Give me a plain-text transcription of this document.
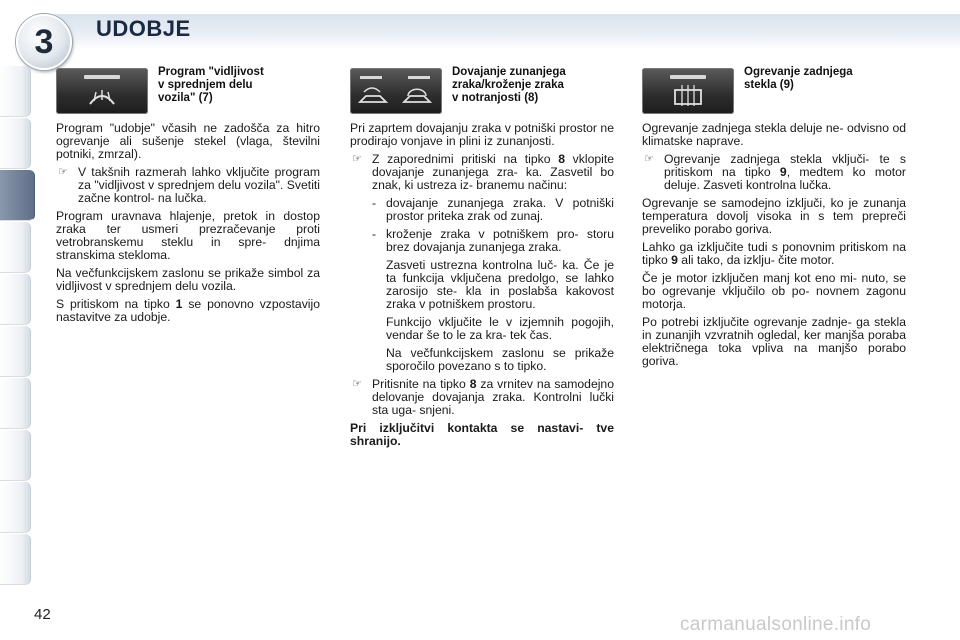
3	UDOBJE
Program "vidljivost
v sprednjem delu
vozila" (7)

Program "udobje" včasih ne zadošča za hitro ogrevanje ali sušenje stekel (vlaga, številni potniki, zmrzal).

☞ V takšnih razmerah lahko vključite program za "vidljivost v sprednjem delu vozila". Svetiti začne kontrol- na lučka.

Program uravnava hlajenje, pretok in dostop zraka ter usmeri prezračevanje proti vetrobranskemu steklu in spre- dnjima stranskima steklomа.

Na večfunkcijskem zaslonu se prikaže simbol za vidljivost v sprednjem delu vozila.

S pritiskom na tipko 1 se ponovno vzpostavijo nastavitve za udobje.

Dovajanje zunanjega
zraka/kroženje zraka
v notranjosti (8)

Pri zaprtem dovajanju zraka v potniški prostor ne prodirajo vonjave in plini iz zunanjosti.

☞ Z zaporednimi pritiski na tipko 8 vklopite dovajanje zunanjega zra- ka. Zasvetil bo znak, ki ustreza iz- branemu načinu:
- dovajanje zunanjega zraka. V potniški prostor priteka zrak od zunaj.
- kroženje zraka v potniškem pro- storu brez dovajanja zunanjega zraka.

Zasveti ustrezna kontrolna luč- ka. Če je ta funkcija vključena predolgo, se lahko zarosijo ste- kla in poslabša kakovost zraka v potniškem prostoru.

Funkcijo vključite le v izjemnih pogojih, vendar še to le za kra- tek čas.

Na večfunkcijskem zaslonu se prikaže sporočilo povezano s to tipko.

☞ Pritisnite na tipko 8 za vrnitev na samodejno delovanje dovajanja zraka. Kontrolni lučki sta uga- snjeni.

Pri izključitvi kontakta se nastavi- tve shranijo.

Ogrevanje zadnjega
stekla (9)

Ogrevanje zadnjega stekla deluje ne- odvisno od klimatske naprave.

☞ Ogrevanje zadnjega stekla vključi- te s pritiskom na tipko 9, medtem ko motor deluje. Zasveti kontrolna lučka.

Ogrevanje se samodejno izključi, ko je zunanja temperatura dovolj visoka in s tem prepreči preveliko porabo goriva.

Lahko ga izključite tudi s ponovnim pritiskom na tipko 9 ali tako, da izklju- čite motor.

Če je motor izključen manj kot eno mi- nuto, se bo ogrevanje vključilo ob po- novnem zagonu motorja.

Po potrebi izključite ogrevanje zadnje- ga stekla in zunanjih vzvratnih ogledal, ker manjša poraba električnega toka vpliva na manjšo porabo goriva.

42	carmanualsonline.info
